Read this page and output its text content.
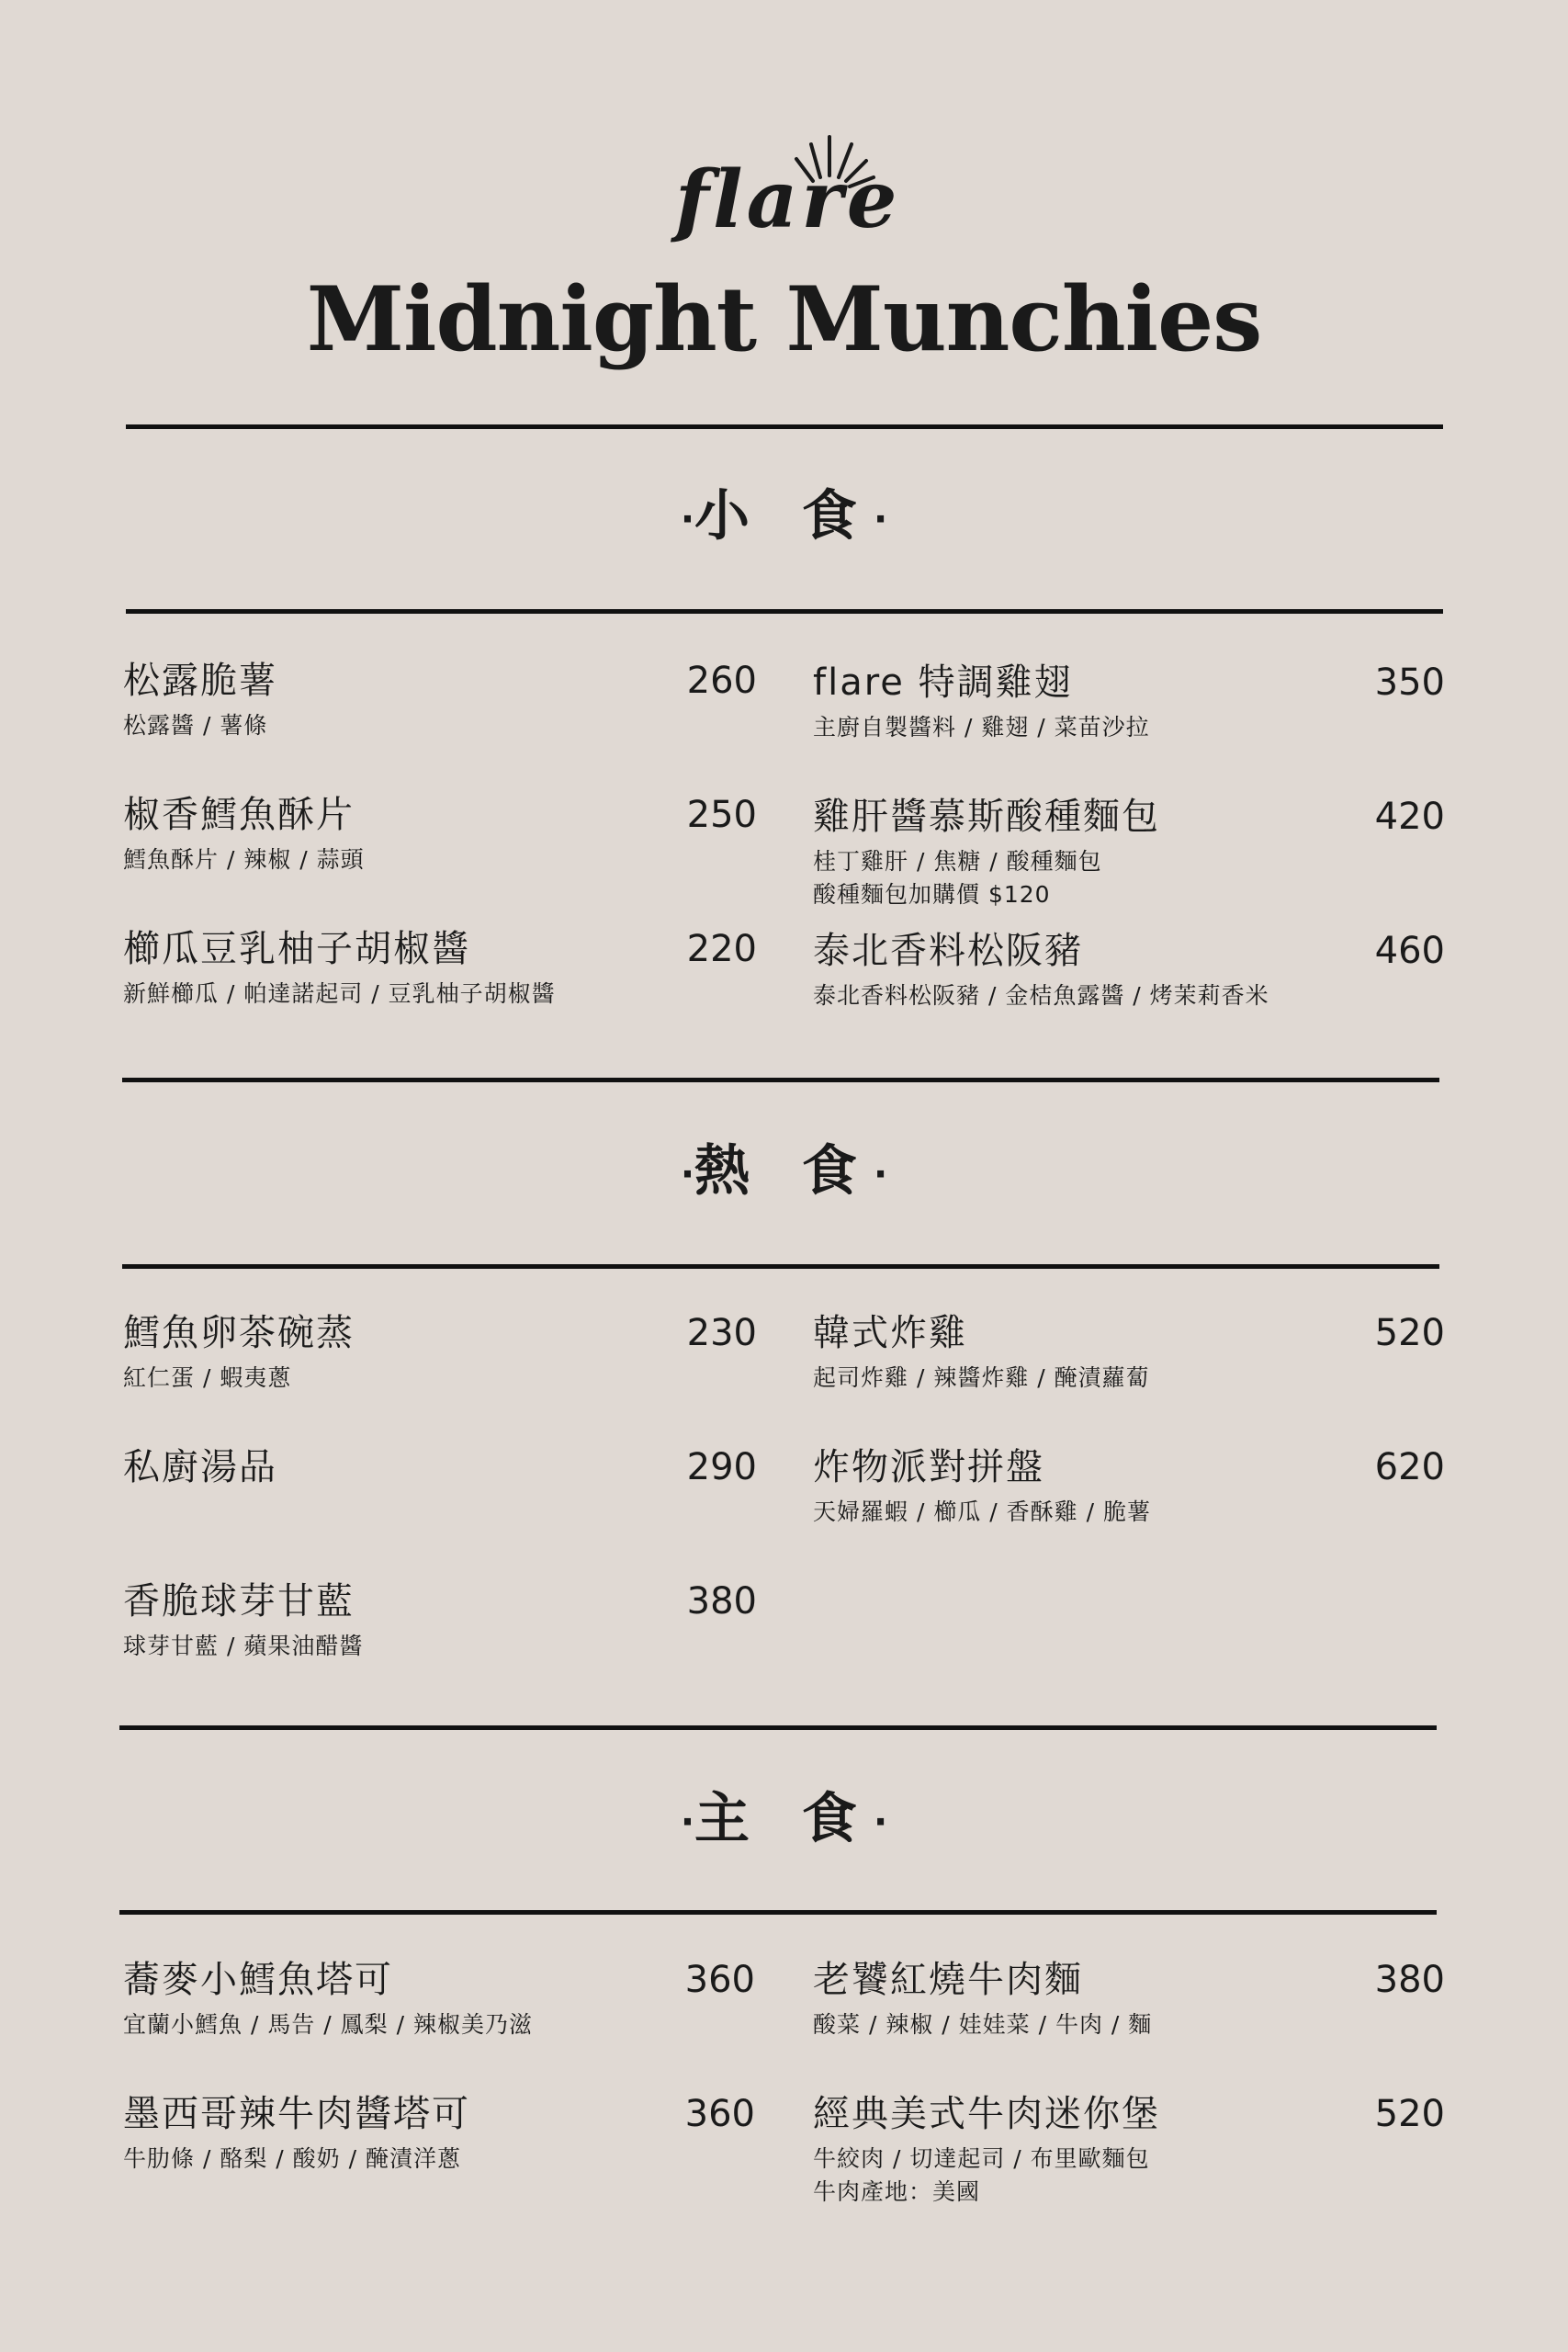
flare
Midnight Munchies
·小 食·
松露脆薯	260
松露醬 / 薯條
椒香鱈魚酥片	250
鱈魚酥片 / 辣椒 / 蒜頭
櫛瓜豆乳柚子胡椒醬	220
新鮮櫛瓜 / 帕達諾起司 / 豆乳柚子胡椒醬
flare 特調雞翅	350
主廚自製醬料 / 雞翅 / 菜苗沙拉
雞肝醬慕斯酸種麵包	420
桂丁雞肝 / 焦糖 / 酸種麵包
酸種麵包加購價 $120
泰北香料松阪豬	460
泰北香料松阪豬 / 金桔魚露醬 / 烤茉莉香米
·熱 食·
鱈魚卵茶碗蒸	230
紅仁蛋 / 蝦夷蔥
私廚湯品	290
香脆球芽甘藍	380
球芽甘藍 / 蘋果油醋醬
韓式炸雞	520
起司炸雞 / 辣醬炸雞 / 醃漬蘿蔔
炸物派對拼盤	620
天婦羅蝦 / 櫛瓜 / 香酥雞 / 脆薯
·主 食·
蕎麥小鱈魚塔可	360
宜蘭小鱈魚 / 馬告 / 鳳梨 / 辣椒美乃滋
墨西哥辣牛肉醬塔可	360
牛肋條 / 酪梨 / 酸奶 / 醃漬洋蔥
老饕紅燒牛肉麵	380
酸菜 / 辣椒 / 娃娃菜 / 牛肉 / 麵
經典美式牛肉迷你堡	520
牛絞肉 / 切達起司 / 布里歐麵包
牛肉產地：美國
